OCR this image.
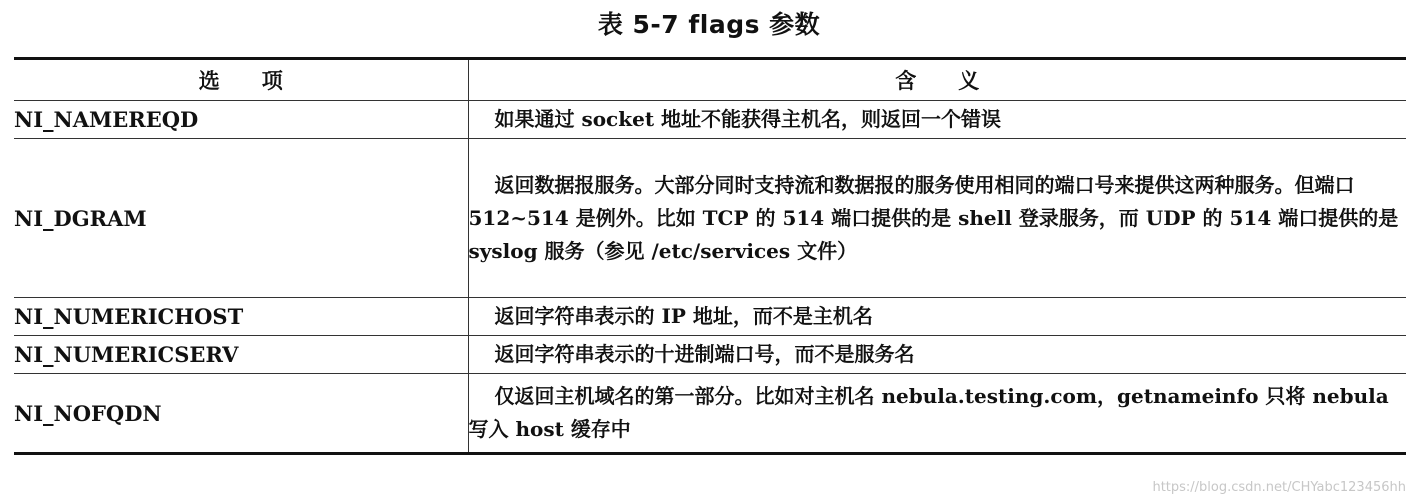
表 5-7 flags 参数
选　　项	含　　义
NI_NAMEREQD	如果通过 socket 地址不能获得主机名，则返回一个错误
NI_DGRAM	返回数据报服务。大部分同时支持流和数据报的服务使用相同的端口号来提供这两种服务。但端口 512~514 是例外。比如 TCP 的 514 端口提供的是 shell 登录服务，而 UDP 的 514 端口提供的是 syslog 服务（参见 /etc/services 文件）
NI_NUMERICHOST	返回字符串表示的 IP 地址，而不是主机名
NI_NUMERICSERV	返回字符串表示的十进制端口号，而不是服务名
NI_NOFQDN	仅返回主机域名的第一部分。比如对主机名 nebula.testing.com，getnameinfo 只将 nebula 写入 host 缓存中
https://blog.csdn.net/CHYabc123456hh
